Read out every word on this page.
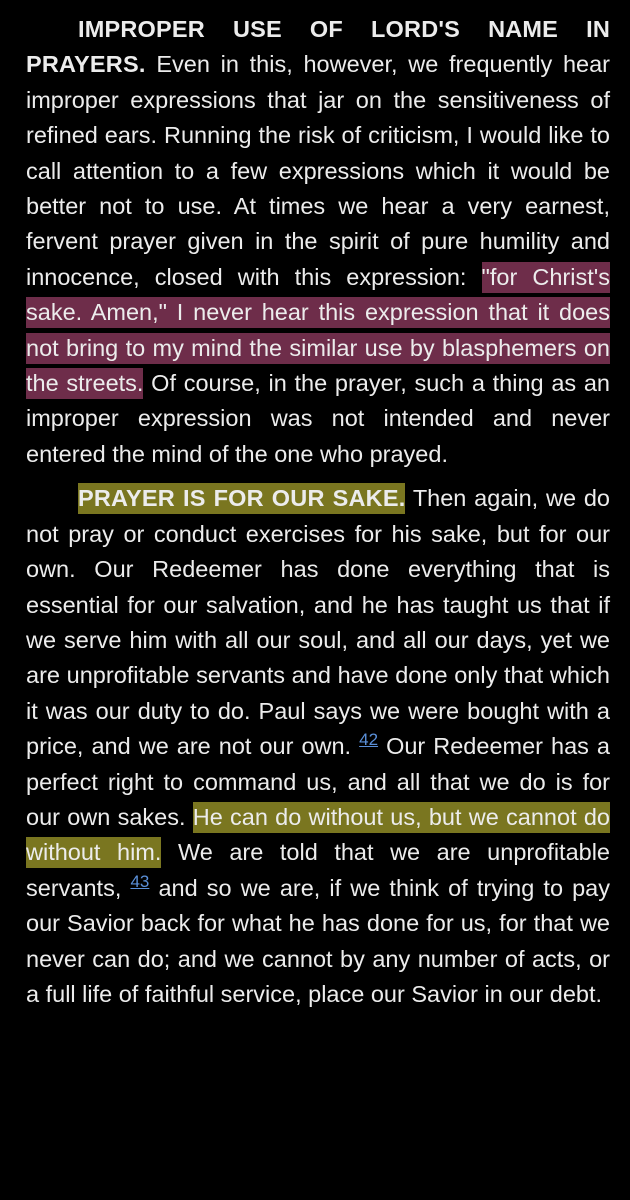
IMPROPER USE OF LORD'S NAME IN PRAYERS. Even in this, however, we frequently hear improper expressions that jar on the sensitiveness of refined ears. Running the risk of criticism, I would like to call attention to a few expressions which it would be better not to use. At times we hear a very earnest, fervent prayer given in the spirit of pure humility and innocence, closed with this expression: "for Christ's sake. Amen," I never hear this expression that it does not bring to my mind the similar use by blasphemers on the streets. Of course, in the prayer, such a thing as an improper expression was not intended and never entered the mind of the one who prayed.

PRAYER IS FOR OUR SAKE. Then again, we do not pray or conduct exercises for his sake, but for our own. Our Redeemer has done everything that is essential for our salvation, and he has taught us that if we serve him with all our soul, and all our days, yet we are unprofitable servants and have done only that which it was our duty to do. Paul says we were bought with a price, and we are not our own. $^{42}$ Our Redeemer has a perfect right to command us, and all that we do is for our own sakes. He can do without us, but we cannot do without him. We are told that we are unprofitable servants, $^{43}$ and so we are, if we think of trying to pay our Savior back for what he has done for us, for that we never can do; and we cannot by any number of acts, or a full life of faithful service, place our Savior in our debt.
